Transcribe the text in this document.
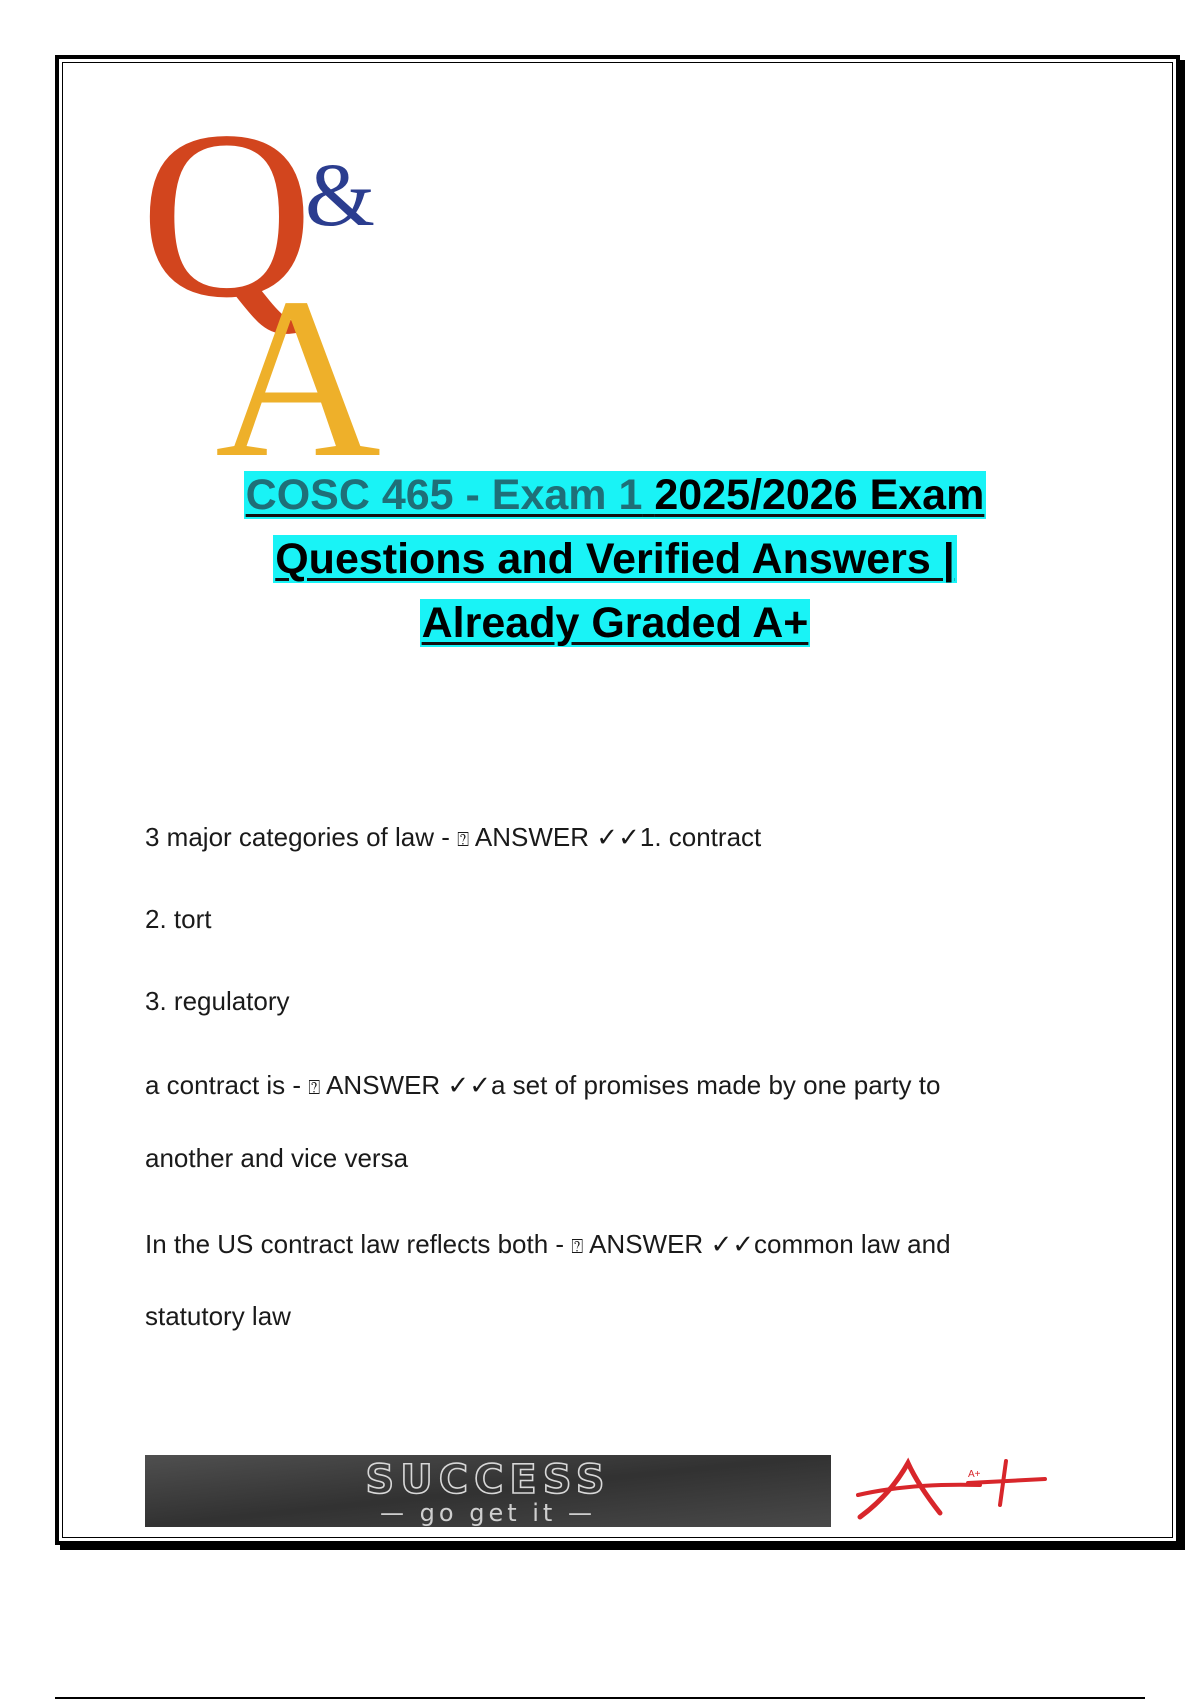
Q
&
A
COSC 465 - Exam 1 2025/2026 Exam
Questions and Verified Answers |
Already Graded A+

3 major categories of law - ⍰ ANSWER ✓✓1. contract

2. tort

3. regulatory

a contract is - ⍰ ANSWER ✓✓a set of promises made by one party to

another and vice versa

In the US contract law reflects both - ⍰ ANSWER ✓✓common law and

statutory law

SUCCESS
— go get it —
A+
